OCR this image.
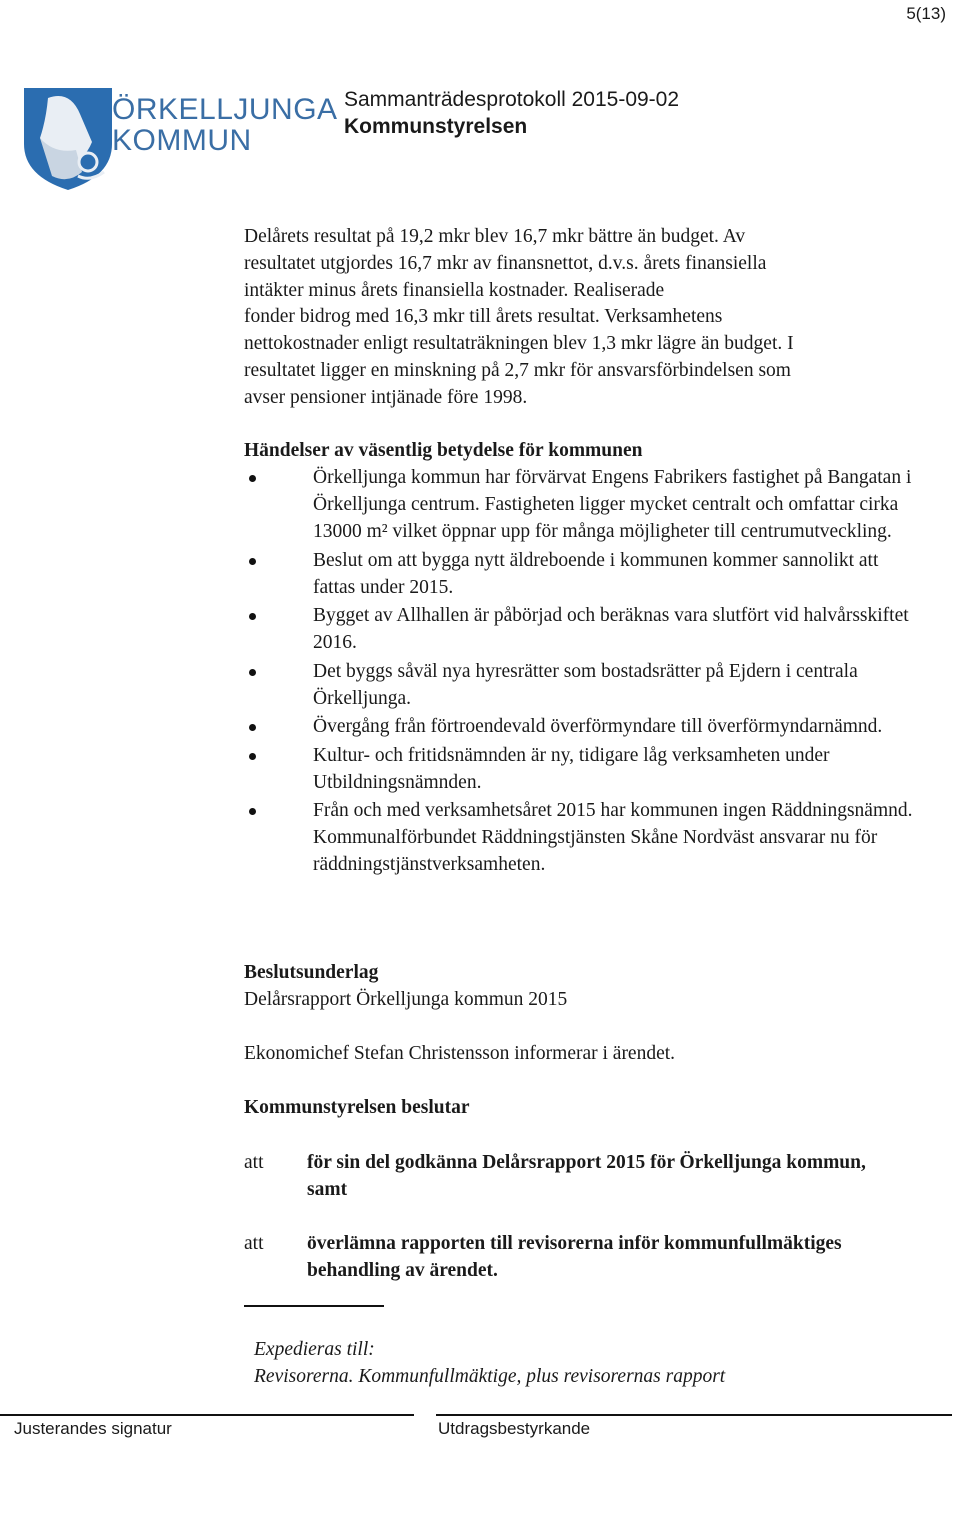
5(13)
ÖRKELLJUNGA
KOMMUN
Sammanträdesprotokoll 2015-09-02
Kommunstyrelsen
Delårets resultat på 19,2 mkr blev 16,7 mkr bättre än budget. Av
resultatet utgjordes 16,7 mkr av finansnettot, d.v.s. årets finansiella
intäkter minus årets finansiella kostnader. Realiserade
fonder bidrog med 16,3 mkr till årets resultat. Verksamhetens
nettokostnader enligt resultaträkningen blev 1,3 mkr lägre än budget. I
resultatet ligger en minskning på 2,7 mkr för ansvarsförbindelsen som
avser pensioner intjänade före 1998.
Händelser av väsentlig betydelse för kommunen
Örkelljunga kommun har förvärvat Engens Fabrikers fastighet på Bangatan i Örkelljunga centrum. Fastigheten ligger mycket centralt och omfattar cirka 13000 m² vilket öppnar upp för många möjligheter till centrumutveckling.
Beslut om att bygga nytt äldreboende i kommunen kommer sannolikt att fattas under 2015.
Bygget av Allhallen är påbörjad och beräknas vara slutfört vid halvårsskiftet 2016.
Det byggs såväl nya hyresrätter som bostadsrätter på Ejdern i centrala Örkelljunga.
Övergång från förtroendevald överförmyndare till överförmyndarnämnd.
Kultur- och fritidsnämnden är ny, tidigare låg verksamheten under Utbildningsnämnden.
Från och med verksamhetsåret 2015 har kommunen ingen Räddningsnämnd. Kommunalförbundet Räddningstjänsten Skåne Nordväst ansvarar nu för räddningstjänstverksamheten.
Beslutsunderlag
Delårsrapport Örkelljunga kommun 2015
Ekonomichef Stefan Christensson informerar i ärendet.
Kommunstyrelsen beslutar
att för sin del godkänna Delårsrapport 2015 för Örkelljunga kommun, samt
att överlämna rapporten till revisorerna inför kommunfullmäktiges behandling av ärendet.
Expedieras till:
Revisorerna. Kommunfullmäktige, plus revisorernas rapport
Justerandes signatur	Utdragsbestyrkande
